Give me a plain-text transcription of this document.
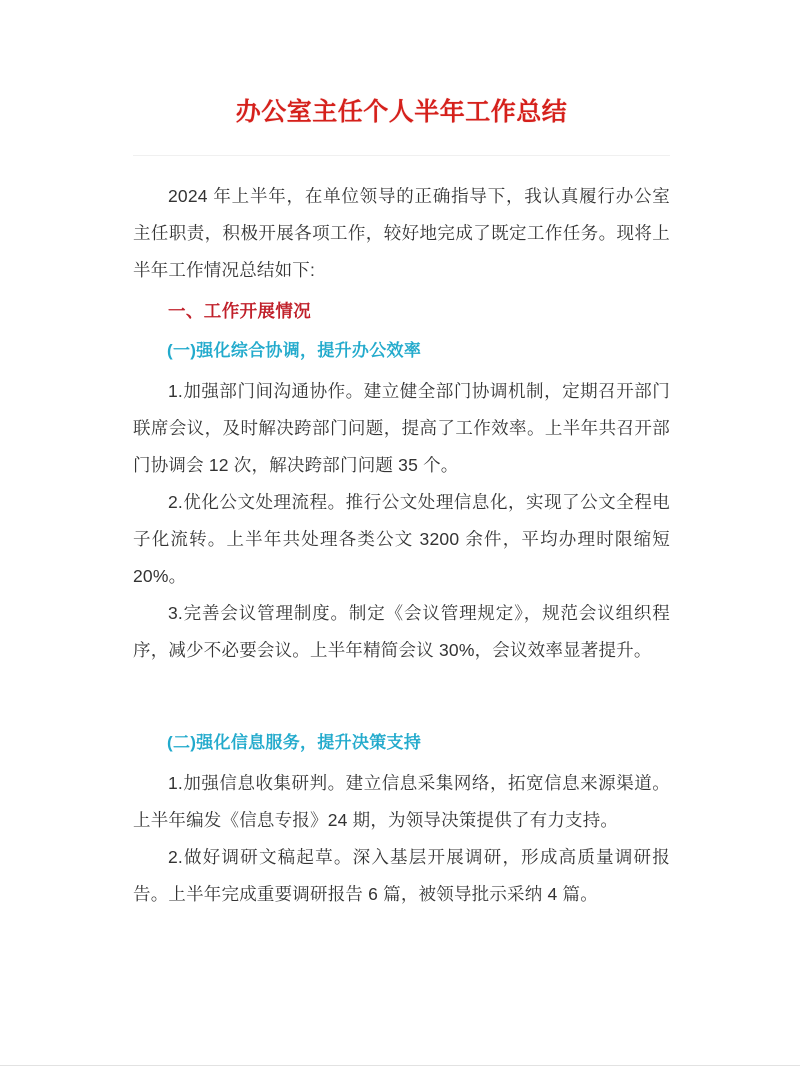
办公室主任个人半年工作总结

2024 年上半年，在单位领导的正确指导下，我认真履行办公室主任职责，积极开展各项工作，较好地完成了既定工作任务。现将上半年工作情况总结如下:

一、工作开展情况
(一)强化综合协调，提升办公效率

1.加强部门间沟通协作。建立健全部门协调机制，定期召开部门联席会议，及时解决跨部门问题，提高了工作效率。上半年共召开部门协调会 12 次，解决跨部门问题 35 个。

2.优化公文处理流程。推行公文处理信息化，实现了公文全程电子化流转。上半年共处理各类公文 3200 余件，平均办理时限缩短 20%。

3.完善会议管理制度。制定《会议管理规定》，规范会议组织程序，减少不必要会议。上半年精简会议 30%，会议效率显著提升。

(二)强化信息服务，提升决策支持

1.加强信息收集研判。建立信息采集网络，拓宽信息来源渠道。上半年编发《信息专报》24 期，为领导决策提供了有力支持。

2.做好调研文稿起草。深入基层开展调研，形成高质量调研报告。上半年完成重要调研报告 6 篇，被领导批示采纳 4 篇。
